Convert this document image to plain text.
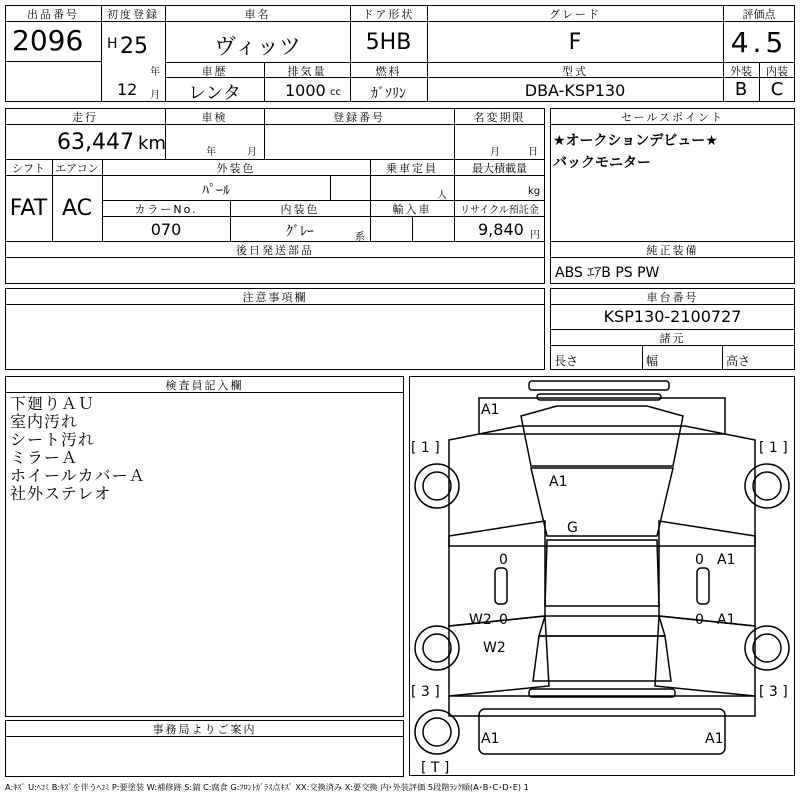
出品番号
2096
初度登録
H 25
年
12 月
車名
ヴィッツ
ドア形状
5HB
グレード
F
評価点
4.5
車歴
レンタ
排気量
1000 cc
燃料
ｶﾞｿﾘﾝ
型式
DBA-KSP130
外装
B
内装
C
走行
63,447 km
車検
年	月
登録番号	名変期限
月	日
シフト
FAT
エアコン
AC
外装色
ﾊﾟｰﾙ
乗車定員
人
最大積載量
kg
カラーNo.
070
内装色
ｸﾞﾚｰ	系
輸入車	リサイクル預託金
9,840 円
後日発送部品
セールスポイント
★オークションデビュー★
バックモニター
純正装備
ABS ｴｱB PS PW
注意事項欄	車台番号
KSP130-2100727
諸元
長さ	幅	高さ
検査員記入欄
下廻りＡＵ
室内汚れ
シート汚れ
ミラーＡ
ホイールカバーＡ
社外ステレオ
事務局よりご案内
A1
A1
G
0
0
W2
W2
0
0
A1
A1
A1	A1
[ 1 ]	[ 1 ]
[ 3 ]	[ 3 ]
[ T ]
A:ｷｽﾞ U:ﾍｺﾐ B:ｷｽﾞを伴うﾍｺﾐ P:要塗装 W:補修跡 S:錆 C:腐食 G:ﾌﾛﾝﾄｶﾞﾗｽ点ｷｽﾞ XX:交換済み X:要交換 内･外装評価 5段階ﾗﾝｸ順(A･B･C･D･E) 1
